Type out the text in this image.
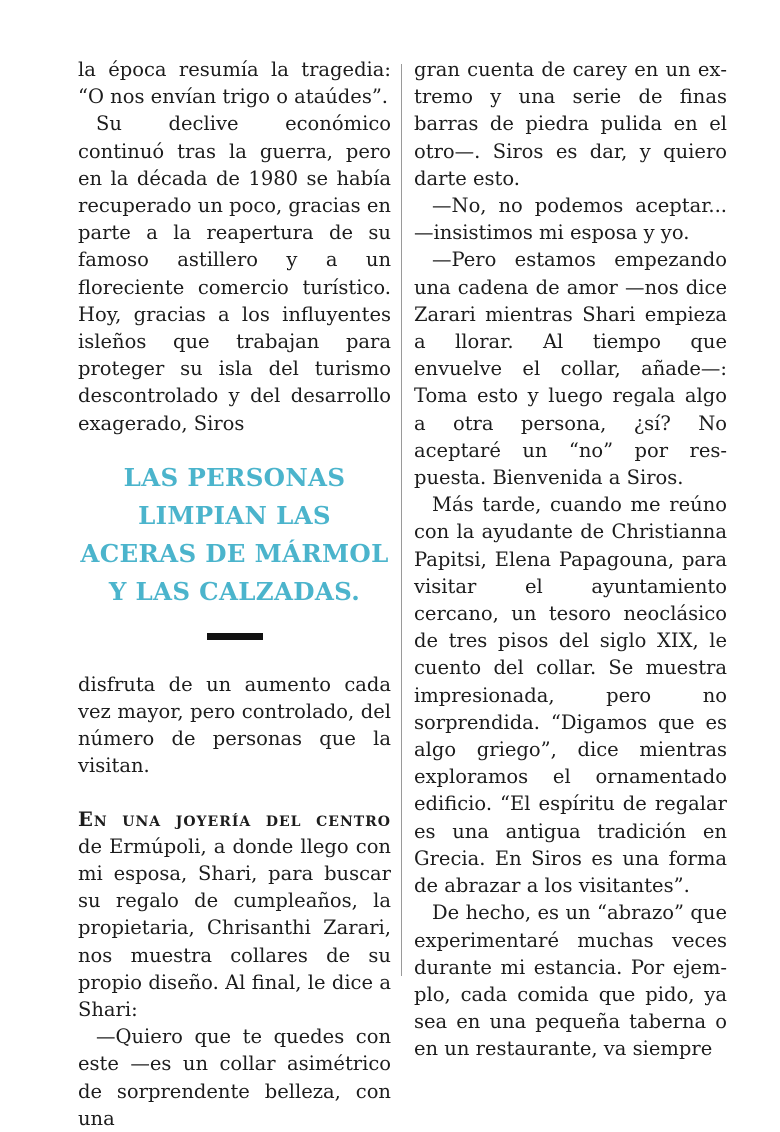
la época resumía la tragedia: “O nos envían trigo o ataúdes”.

Su declive económico continuó tras la guerra, pero en la década de 1980 se había recuperado un poco, gracias en parte a la reapertura de su famoso astillero y a un floreciente comercio turístico. Hoy, gracias a los influyentes isleños que trabajan para proteger su isla del turismo descontrolado y del desarrollo exagerado, Siros

LAS PERSONAS LIMPIAN LAS ACERAS DE MÁRMOL Y LAS CALZADAS.

disfruta de un aumento cada vez mayor, pero controlado, del número de personas que la visitan.

En una joyería del centro de Ermúpoli, a donde llego con mi esposa, Shari, para buscar su regalo de cumpleaños, la propietaria, Chrisanthi Zarari, nos muestra collares de su propio diseño. Al final, le dice a Shari:

—Quiero que te quedes con este —es un collar asimétrico de sorprendente belleza, con una

gran cuenta de carey en un extremo y una serie de finas barras de piedra pulida en el otro—. Siros es dar, y quiero darte esto.

—No, no podemos aceptar... —insistimos mi esposa y yo.

—Pero estamos empezando una cadena de amor —nos dice Zarari mientras Shari empieza a llorar. Al tiempo que envuelve el collar, añade—: Toma esto y luego regala algo a otra persona, ¿sí? No aceptaré un “no” por respuesta. Bienvenida a Siros.

Más tarde, cuando me reúno con la ayudante de Christianna Papitsi, Elena Papagouna, para visitar el ayuntamiento cercano, un tesoro neoclásico de tres pisos del siglo XIX, le cuento del collar. Se muestra impresionada, pero no sorprendida. “Digamos que es algo griego”, dice mientras exploramos el ornamentado edificio. “El espíritu de regalar es una antigua tradición en Grecia. En Siros es una forma de abrazar a los visitantes”.

De hecho, es un “abrazo” que experimentaré muchas veces durante mi estancia. Por ejemplo, cada comida que pido, ya sea en una pequeña taberna o en un restaurante, va siempre
